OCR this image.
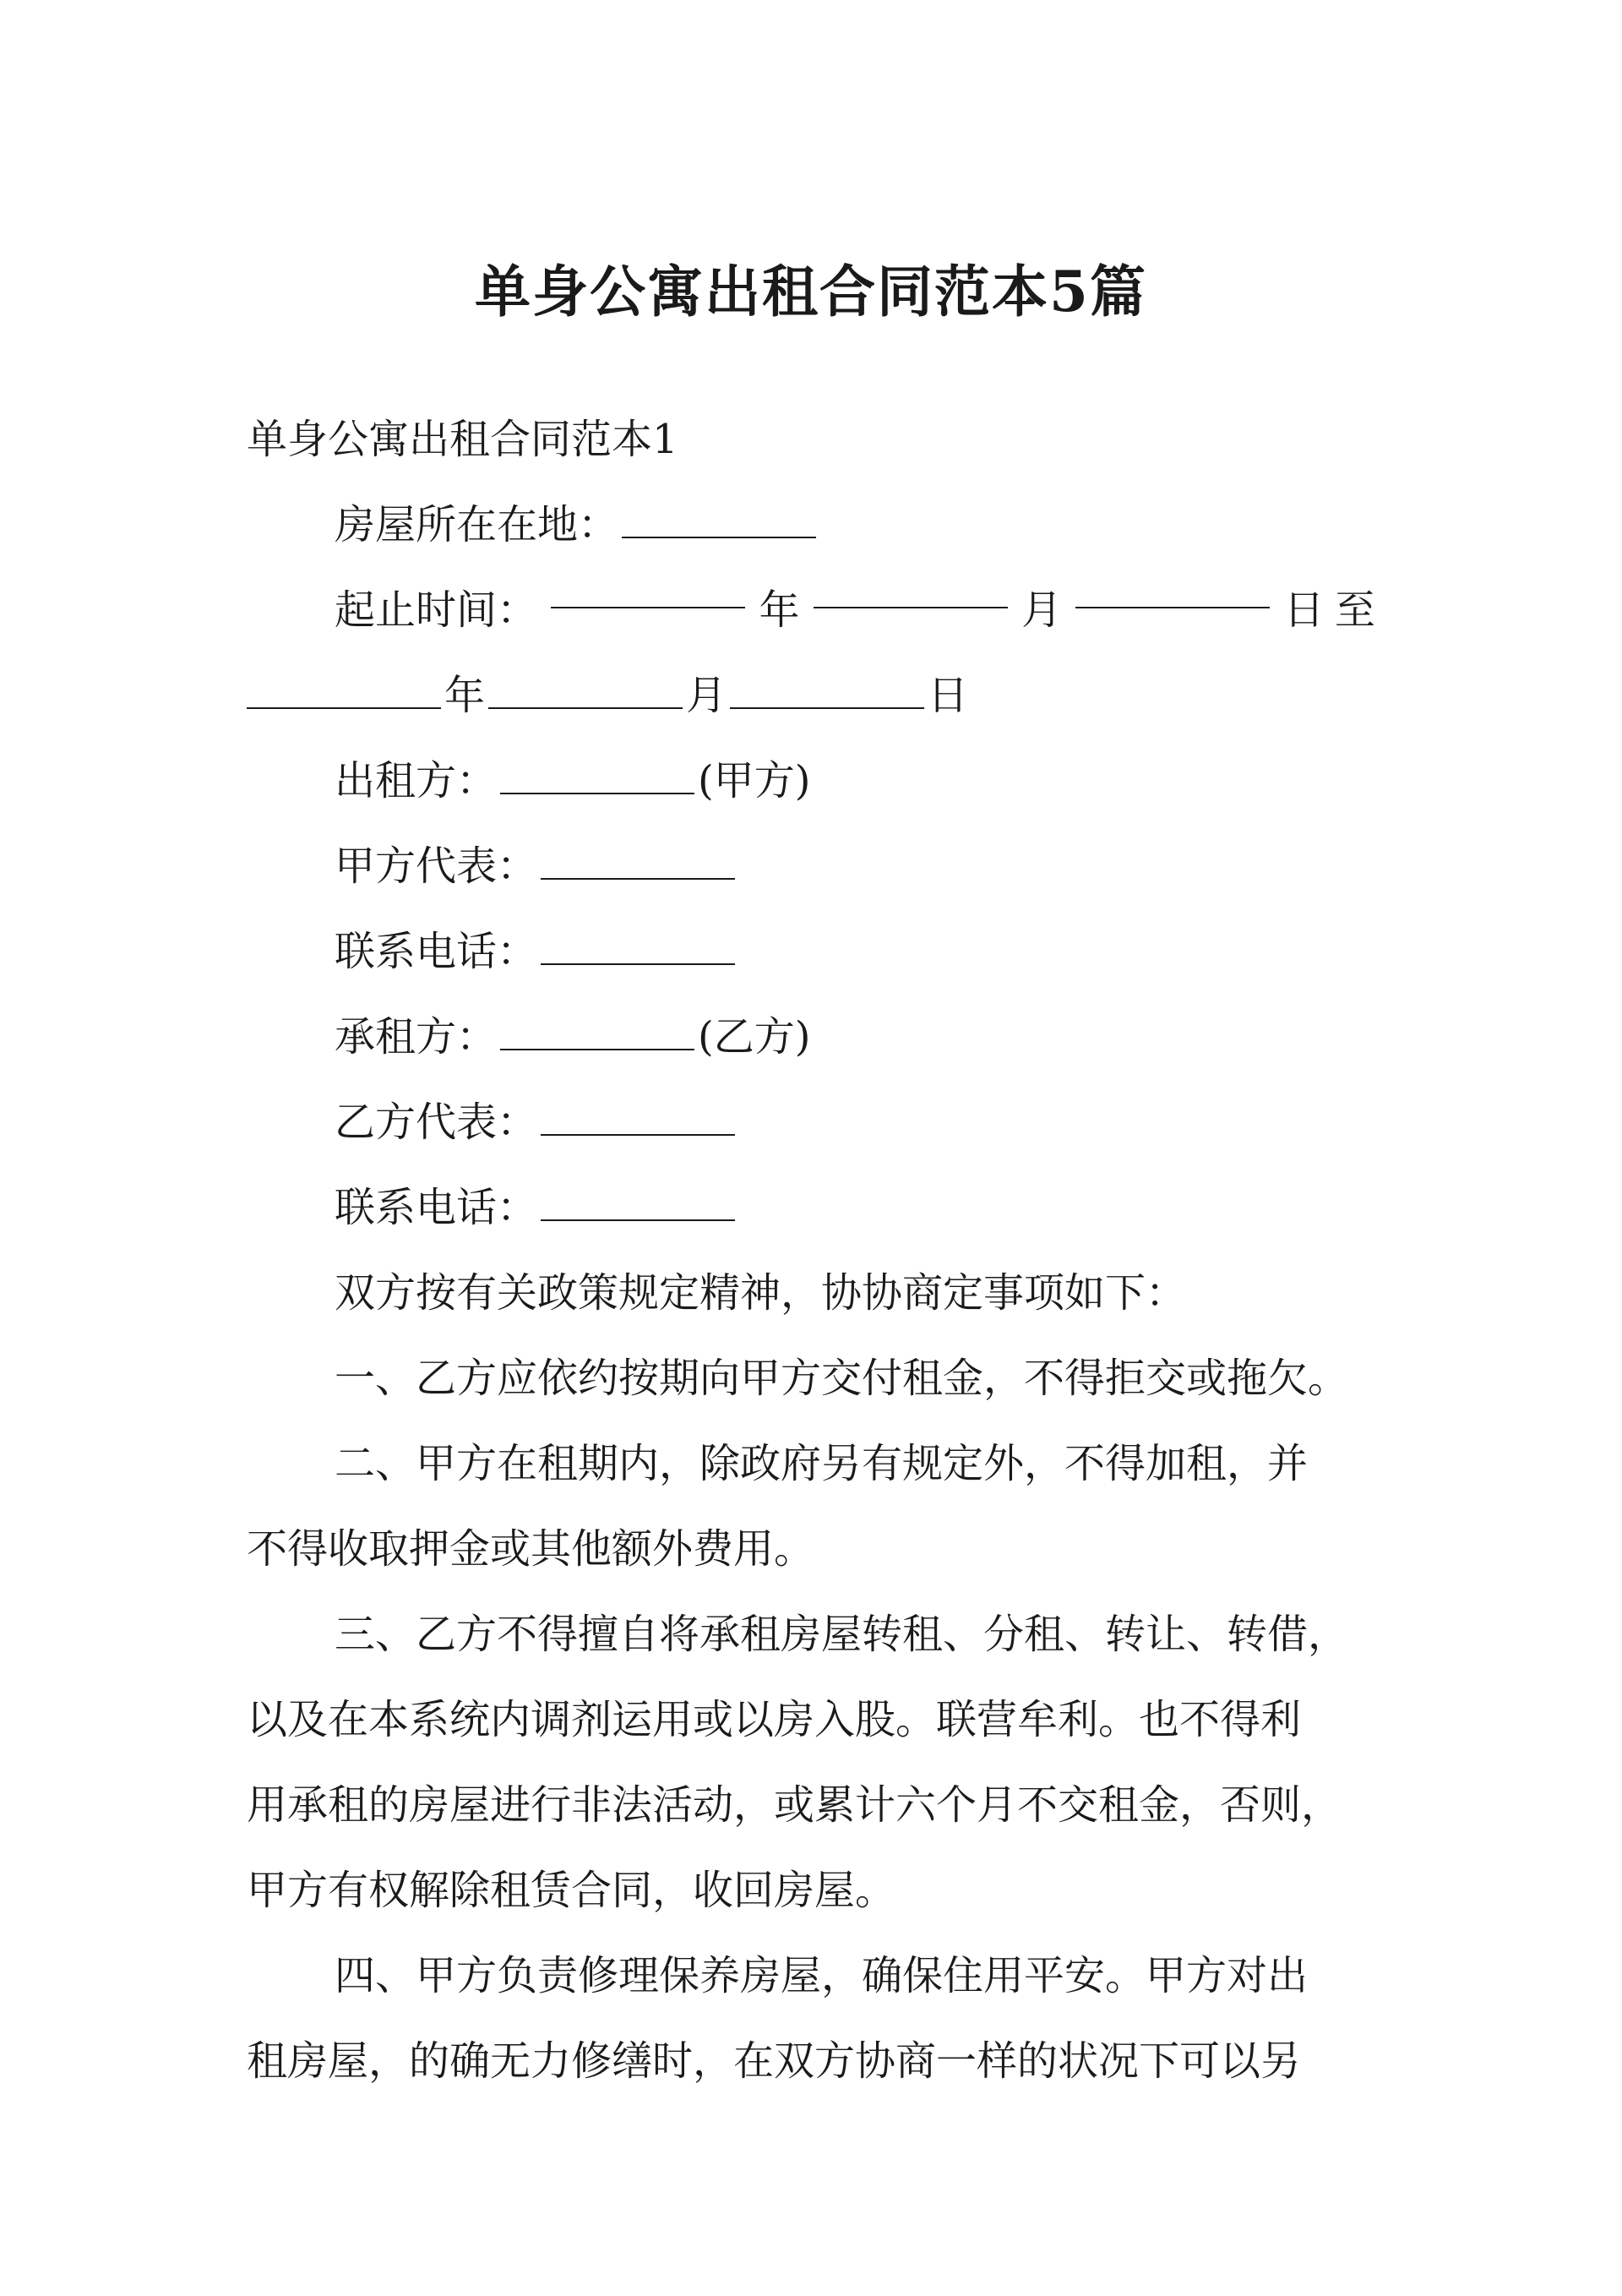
单身公寓出租合同范本5篇
单身公寓出租合同范本1
房屋所在在地：
起止时间：	年	月	日 至
年	月	日
出租方：	(甲方)
甲方代表：
联系电话：
承租方：	(乙方)
乙方代表：
联系电话：
双方按有关政策规定精神，协协商定事项如下：
一、乙方应依约按期向甲方交付租金，不得拒交或拖欠。
二、甲方在租期内，除政府另有规定外，不得加租，并
不得收取押金或其他额外费用。
三、乙方不得擅自将承租房屋转租、分租、转让、转借，
以及在本系统内调剂运用或以房入股。联营牟利。也不得利
用承租的房屋进行非法活动，或累计六个月不交租金，否则，
甲方有权解除租赁合同，收回房屋。
四、甲方负责修理保养房屋，确保住用平安。甲方对出
租房屋，的确无力修缮时，在双方协商一样的状况下可以另
